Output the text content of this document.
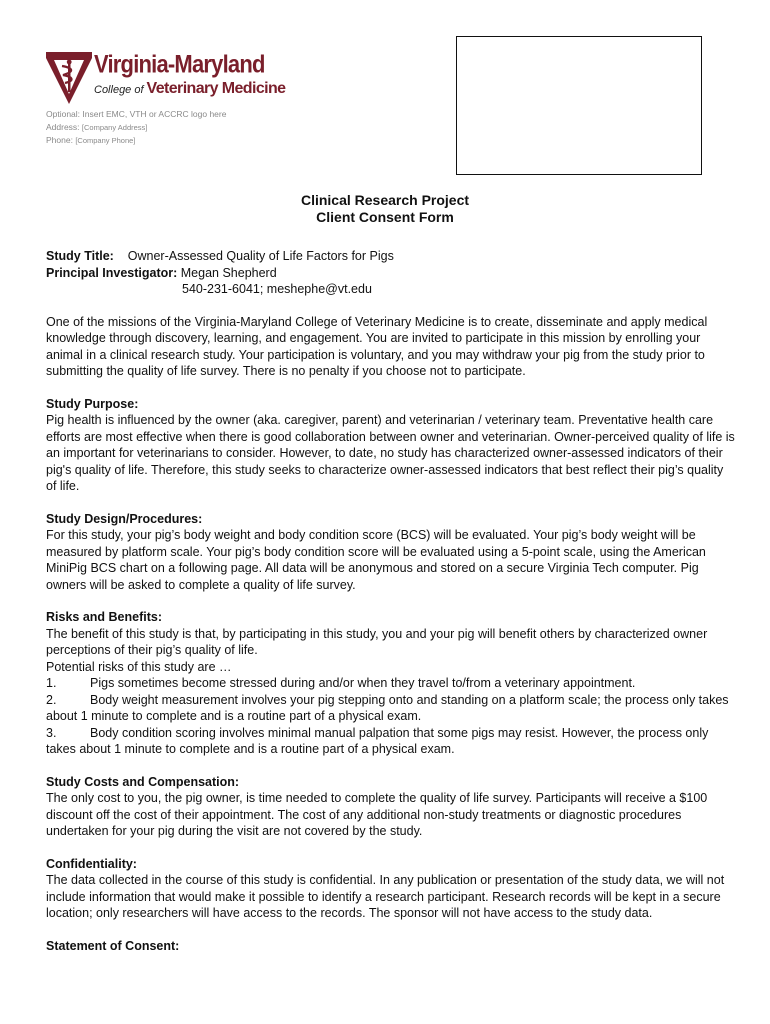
Virginia-Maryland
College of Veterinary Medicine
Optional: Insert EMC, VTH or ACCRC logo here
Address: [Company Address]
Phone: [Company Phone]
Clinical Research Project
Client Consent Form
Study Title: Owner-Assessed Quality of Life Factors for Pigs
Principal Investigator: Megan Shepherd
540-231-6041; meshephe@vt.edu

One of the missions of the Virginia-Maryland College of Veterinary Medicine is to create, disseminate and apply medical knowledge through discovery, learning, and engagement. You are invited to participate in this mission by enrolling your animal in a clinical research study. Your participation is voluntary, and you may withdraw your pig from the study prior to submitting the quality of life survey. There is no penalty if you choose not to participate.

Study Purpose:

Pig health is influenced by the owner (aka. caregiver, parent) and veterinarian / veterinary team. Preventative health care efforts are most effective when there is good collaboration between owner and veterinarian. Owner-perceived quality of life is an important for veterinarians to consider. However, to date, no study has characterized owner-assessed indicators of their pig's quality of life. Therefore, this study seeks to characterize owner-assessed indicators that best reflect their pig’s quality of life.

Study Design/Procedures:

For this study, your pig’s body weight and body condition score (BCS) will be evaluated. Your pig’s body weight will be measured by platform scale. Your pig’s body condition score will be evaluated using a 5-point scale, using the American MiniPig BCS chart on a following page. All data will be anonymous and stored on a secure Virginia Tech computer. Pig owners will be asked to complete a quality of life survey.

Risks and Benefits:

The benefit of this study is that, by participating in this study, you and your pig will benefit others by characterized owner perceptions of their pig’s quality of life.

Potential risks of this study are …

1.	Pigs sometimes become stressed during and/or when they travel to/from a veterinary appointment.

2.	Body weight measurement involves your pig stepping onto and standing on a platform scale; the process only takes about 1 minute to complete and is a routine part of a physical exam.

3.	Body condition scoring involves minimal manual palpation that some pigs may resist. However, the process only takes about 1 minute to complete and is a routine part of a physical exam.

Study Costs and Compensation:

The only cost to you, the pig owner, is time needed to complete the quality of life survey. Participants will receive a $100 discount off the cost of their appointment. The cost of any additional non-study treatments or diagnostic procedures undertaken for your pig during the visit are not covered by the study.

Confidentiality:

The data collected in the course of this study is confidential. In any publication or presentation of the study data, we will not include information that would make it possible to identify a research participant. Research records will be kept in a secure location; only researchers will have access to the records. The sponsor will not have access to the study data.

Statement of Consent:
